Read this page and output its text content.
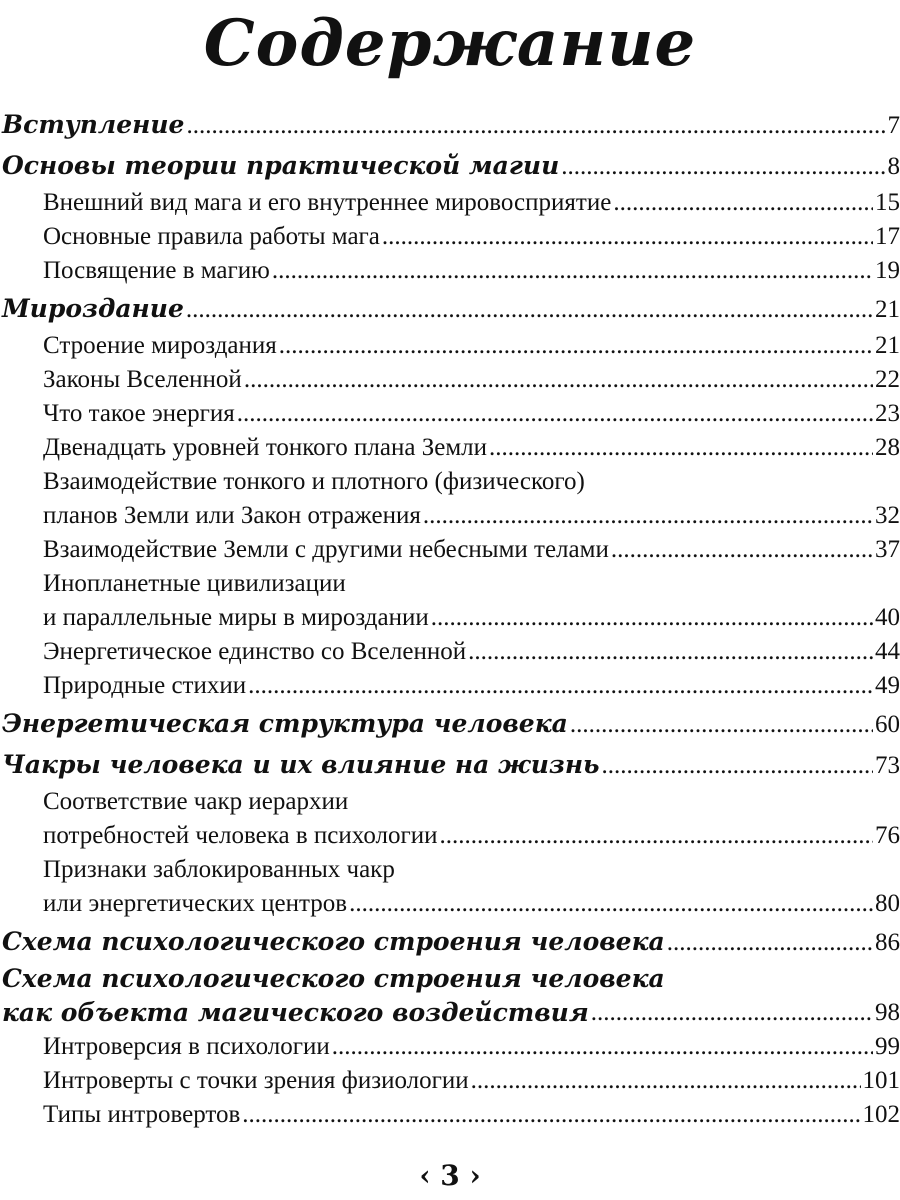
Содержание
Вступление .....	7
Основы теории практической магии .....	8
Внешний вид мага и его внутреннее мировосприятие .....	15
Основные правила работы мага .....	17
Посвящение в магию .....	19
Мироздание .....	21
Строение мироздания .....	21
Законы Вселенной .....	22
Что такое энергия .....	23
Двенадцать уровней тонкого плана Земли .....	28
Взаимодействие тонкого и плотного (физического)
планов Земли или Закон отражения .....	32
Взаимодействие Земли с другими небесными телами .....	37
Инопланетные цивилизации
и параллельные миры в мироздании .....	40
Энергетическое единство со Вселенной .....	44
Природные стихии .....	49
Энергетическая структура человека .....	60
Чакры человека и их влияние на жизнь .....	73
Соответствие чакр иерархии
потребностей человека в психологии .....	76
Признаки заблокированных чакр
или энергетических центров .....	80
Схема психологического строения человека .....	86
Схема психологического строения человека
как объекта магического воздействия .....	98
Интроверсия в психологии .....	99
Интроверты с точки зрения физиологии .....	101
Типы интровертов .....	102
‹ 3 ›
